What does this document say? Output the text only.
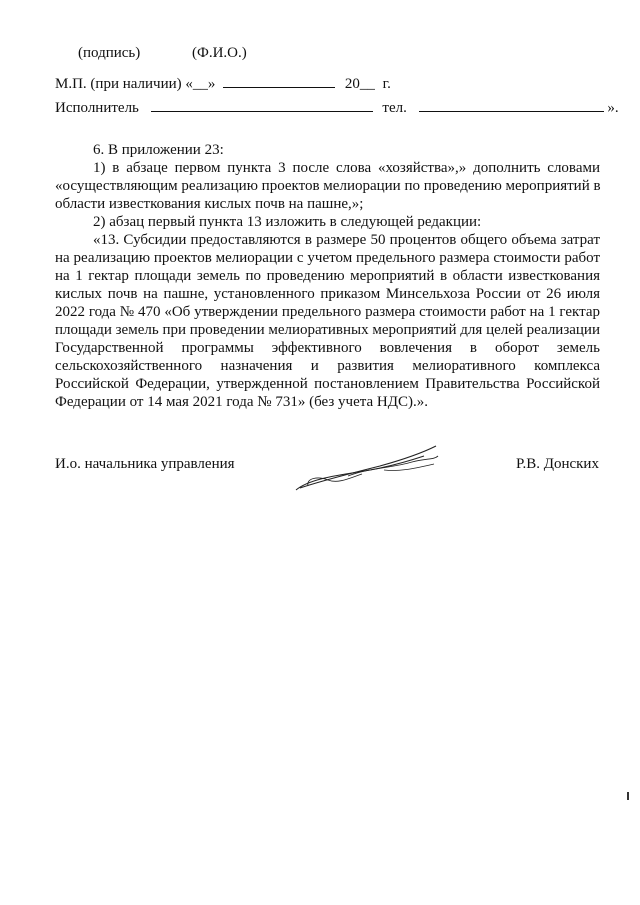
(подпись)	(Ф.И.О.)
М.П. (при наличии) «__»	20__ г.
Исполнитель	тел.	».
6. В приложении 23:
1) в абзаце первом пункта 3 после слова «хозяйства»,» дополнить словами
«осуществляющим реализацию проектов мелиорации по проведению мероприятий в
области известкования кислых почв на пашне,»;
2) абзац первый пункта 13 изложить в следующей редакции:
«13. Субсидии предоставляются в размере 50 процентов общего объема затрат
на реализацию проектов мелиорации с учетом предельного размера стоимости работ
на 1 гектар площади земель по проведению мероприятий в области известкования
кислых почв на пашне, установленного приказом Минсельхоза России от 26 июля
2022 года № 470 «Об утверждении предельного размера стоимости работ на 1 гектар
площади земель при проведении мелиоративных мероприятий для целей реализации
Государственной программы эффективного вовлечения в оборот земель
сельскохозяйственного назначения и развития мелиоративного комплекса
Российской Федерации, утвержденной постановлением Правительства Российской
Федерации от 14 мая 2021 года № 731» (без учета НДС).».
И.о. начальника управления	Р.В. Донских
